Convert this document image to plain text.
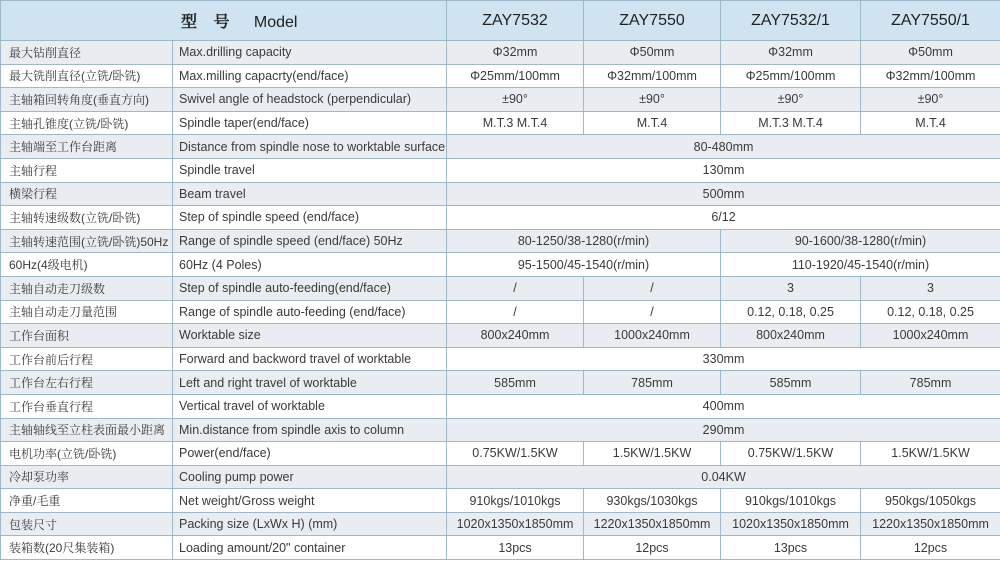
型 号 Model		ZAY7532	ZAY7550	ZAY7532/1	ZAY7550/1
最大钻削直径	Max.drilling capacity	Φ32mm	Φ50mm	Φ32mm	Φ50mm
最大铣削直径(立铣/卧铣)	Max.milling capacrty(end/face)	Φ25mm/100mm	Φ32mm/100mm	Φ25mm/100mm	Φ32mm/100mm
主轴箱回转角度(垂直方向)	Swivel angle of headstock (perpendicular)	±90°	±90°	±90°	±90°
主轴孔锥度(立铣/卧铣)	Spindle taper(end/face)	M.T.3 M.T.4	M.T.4	M.T.3 M.T.4	M.T.4
主轴端至工作台距离	Distance from spindle nose to worktable surface	80-480mm			
主轴行程	Spindle travel	130mm			
横梁行程	Beam travel	500mm			
主轴转速级数(立铣/卧铣)	Step of spindle speed (end/face)	6/12			
主轴转速范围(立铣/卧铣)50Hz	Range of spindle speed (end/face) 50Hz	80-1250/38-1280(r/min)		90-1600/38-1280(r/min)	
60Hz(4级电机)	60Hz (4 Poles)	95-1500/45-1540(r/min)		110-1920/45-1540(r/min)	
主轴自动走刀级数	Step of spindle auto-feeding(end/face)	/	/	3	3
主轴自动走刀量范围	Range of spindle auto-feeding (end/face)	/	/	0.12, 0.18, 0.25	0.12, 0.18, 0.25
工作台面积	Worktable size	800x240mm	1000x240mm	800x240mm	1000x240mm
工作台前后行程	Forward and backword travel of worktable	330mm			
工作台左右行程	Left and right travel of worktable	585mm	785mm	585mm	785mm
工作台垂直行程	Vertical travel of worktable	400mm			
主轴轴线至立柱表面最小距离	Min.distance from spindle axis to column	290mm			
电机功率(立铣/卧铣)	Power(end/face)	0.75KW/1.5KW	1.5KW/1.5KW	0.75KW/1.5KW	1.5KW/1.5KW
冷却泵功率	Cooling pump power	0.04KW			
净重/毛重	Net weight/Gross weight	910kgs/1010kgs	930kgs/1030kgs	910kgs/1010kgs	950kgs/1050kgs
包装尺寸	Packing size (LxWx H) (mm)	1020x1350x1850mm	1220x1350x1850mm	1020x1350x1850mm	1220x1350x1850mm
装箱数(20尺集装箱)	Loading amount/20" container	13pcs	12pcs	13pcs	12pcs
